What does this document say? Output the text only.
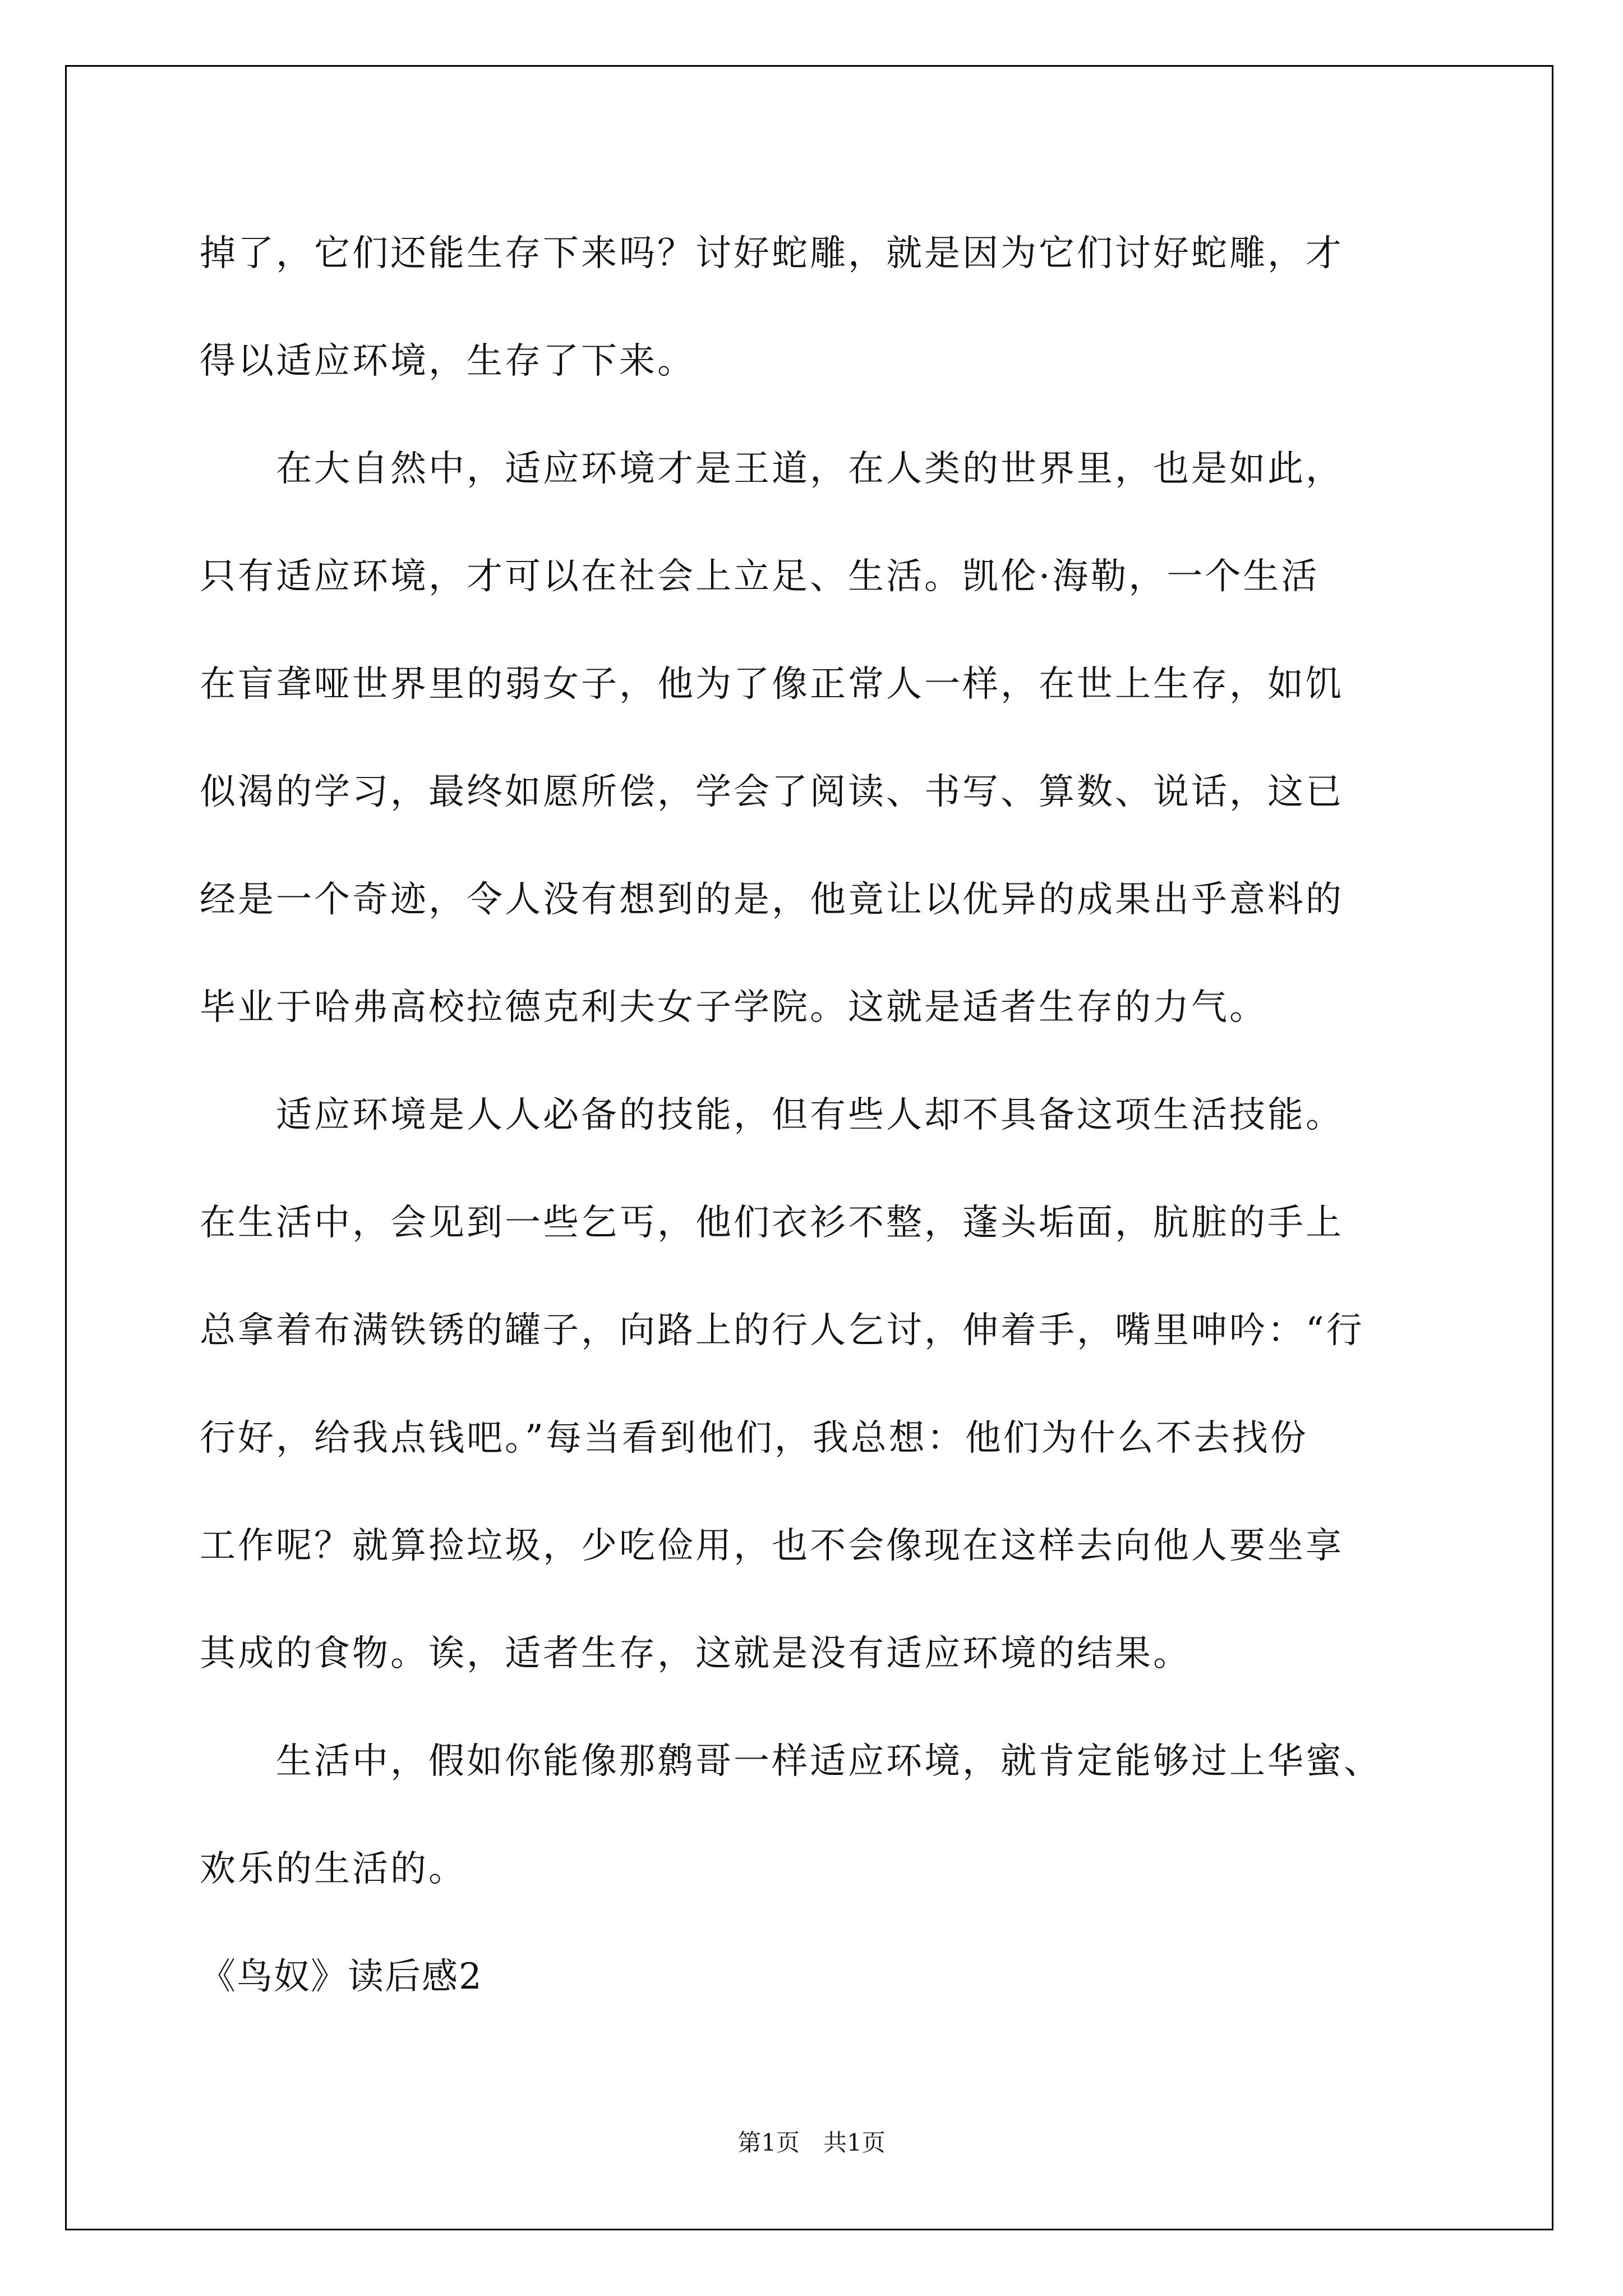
掉了，它们还能生存下来吗？讨好蛇雕，就是因为它们讨好蛇雕，才
得以适应环境，生存了下来。
　　在大自然中，适应环境才是王道，在人类的世界里，也是如此，
只有适应环境，才可以在社会上立足、生活。凯伦·海勒，一个生活
在盲聋哑世界里的弱女子，他为了像正常人一样，在世上生存，如饥
似渴的学习，最终如愿所偿，学会了阅读、书写、算数、说话，这已
经是一个奇迹，令人没有想到的是，他竟让以优异的成果出乎意料的
毕业于哈弗高校拉德克利夫女子学院。这就是适者生存的力气。
　　适应环境是人人必备的技能，但有些人却不具备这项生活技能。
在生活中，会见到一些乞丐，他们衣衫不整，蓬头垢面，肮脏的手上
总拿着布满铁锈的罐子，向路上的行人乞讨，伸着手，嘴里呻吟：“行
行好，给我点钱吧。”每当看到他们，我总想：他们为什么不去找份
工作呢？就算捡垃圾，少吃俭用，也不会像现在这样去向他人要坐享
其成的食物。诶，适者生存，这就是没有适应环境的结果。
　　生活中，假如你能像那鹩哥一样适应环境，就肯定能够过上华蜜、
欢乐的生活的。
《鸟奴》读后感2
第1页　共1页
